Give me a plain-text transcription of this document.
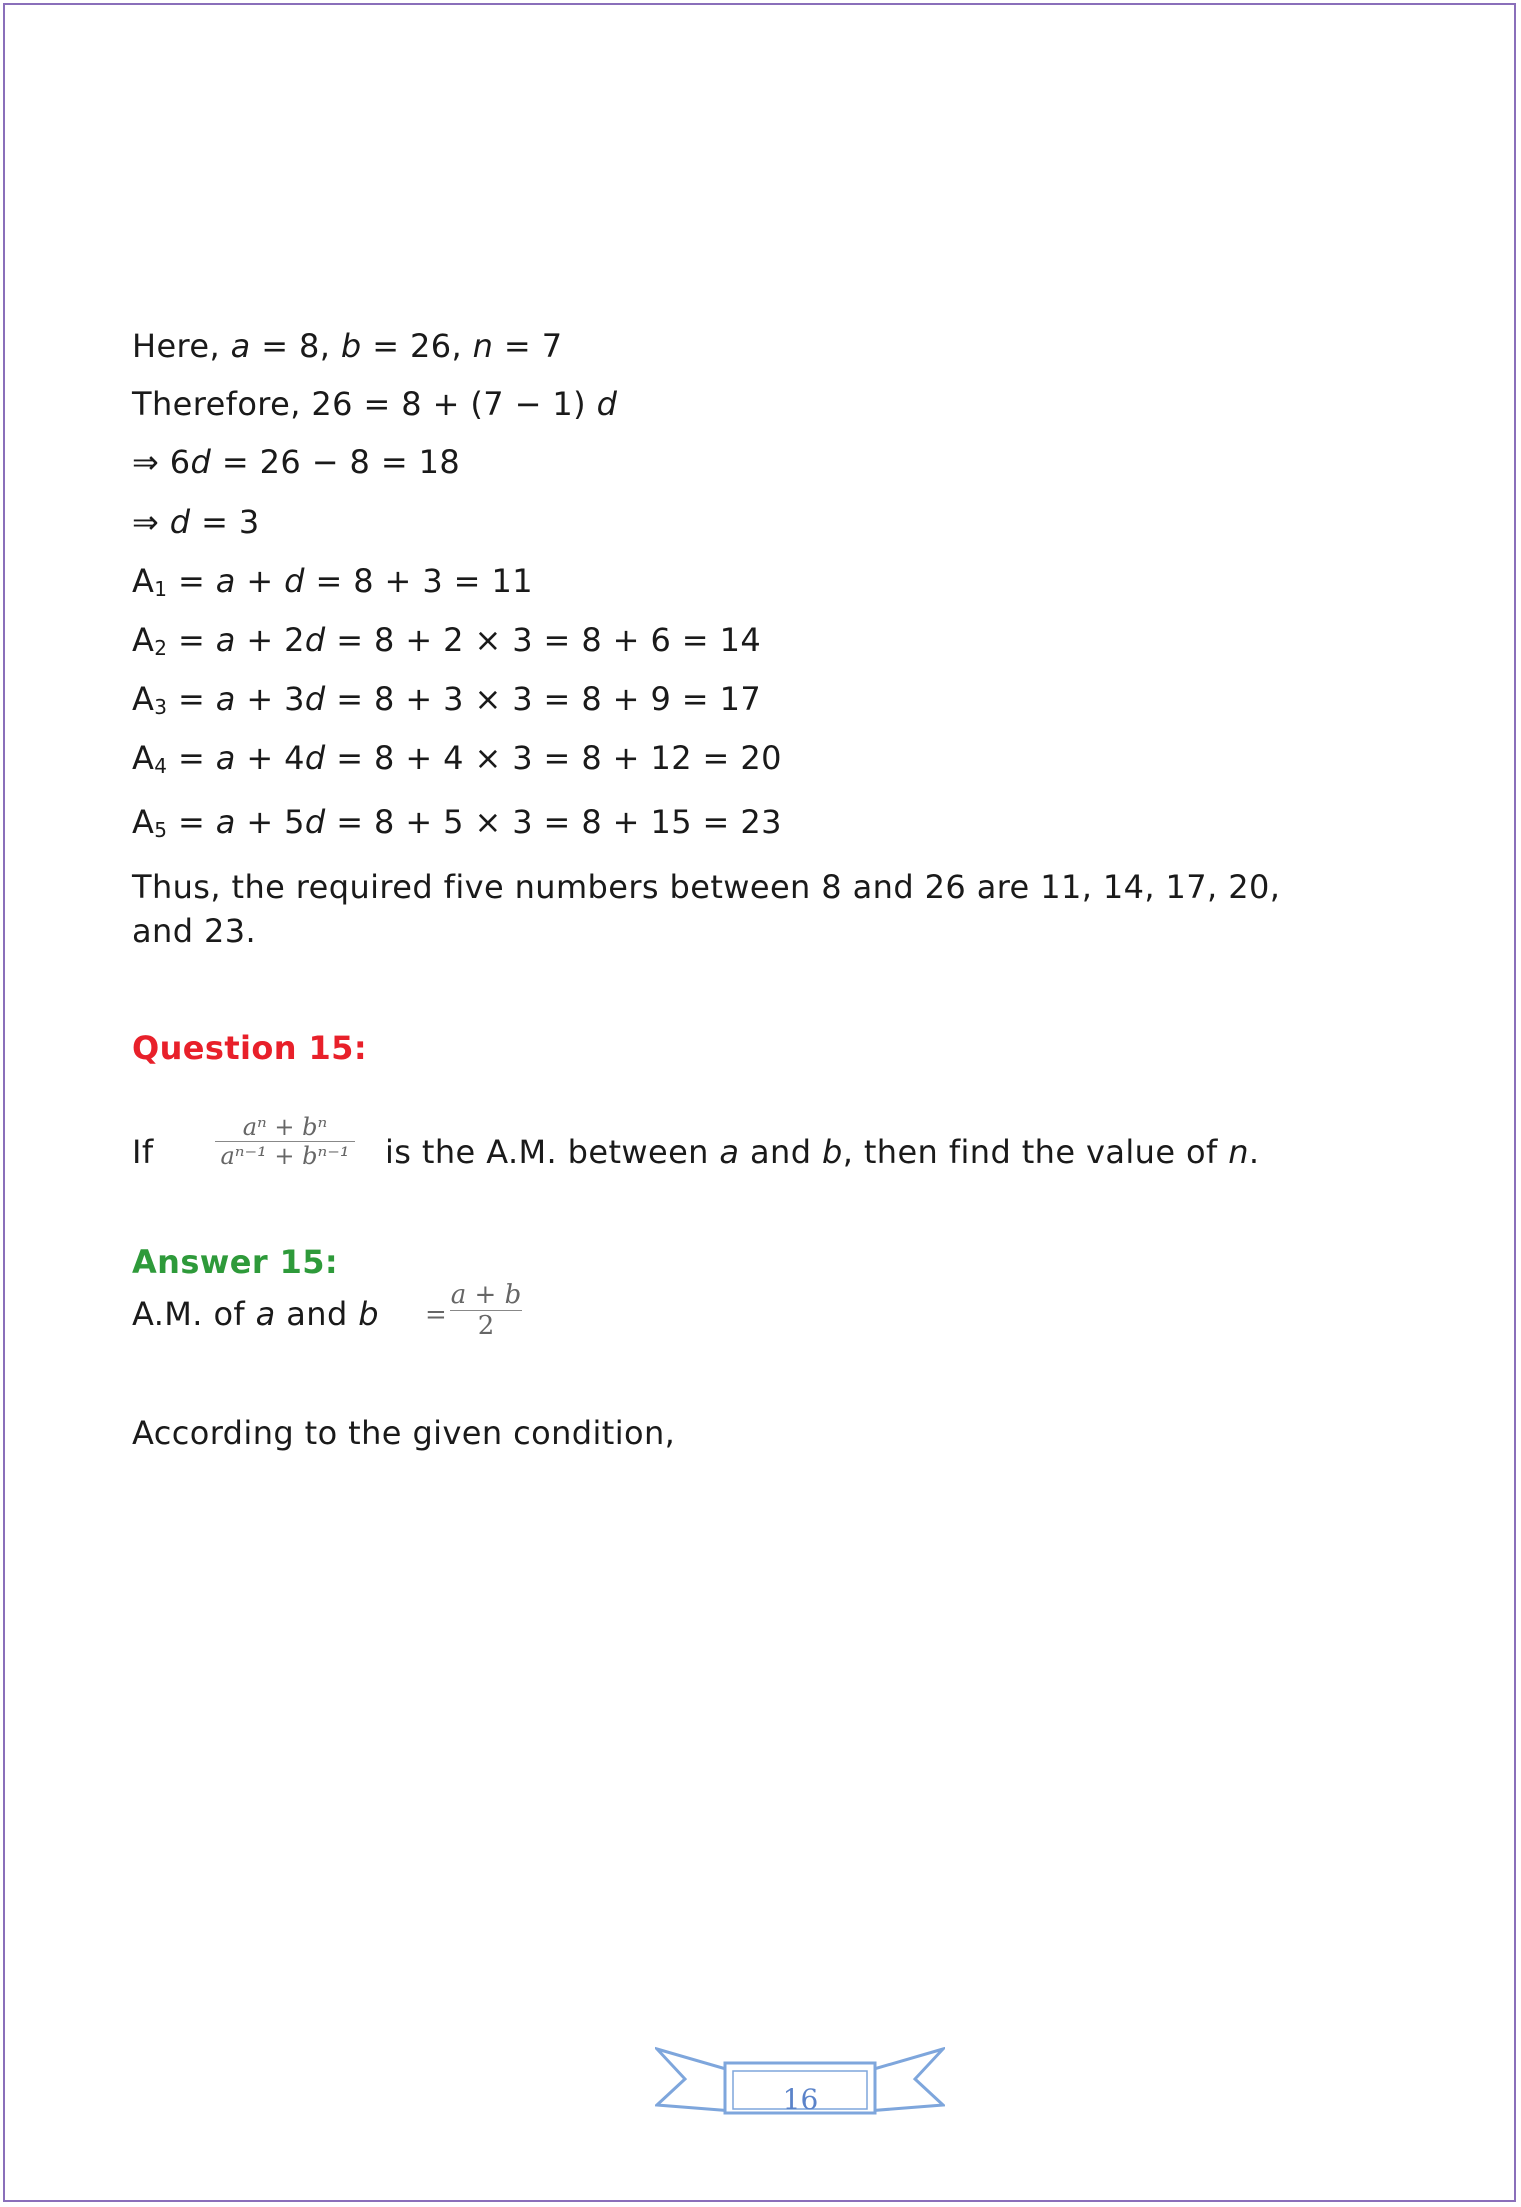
Here, a = 8, b = 26, n = 7
Therefore, 26 = 8 + (7 − 1) d
⇒ 6d = 26 − 8 = 18
⇒ d = 3
$A_1 = a + d = 8 + 3 = 11$
$A_2 = a + 2d = 8 + 2 \times 3 = 8 + 6 = 14$
$A_3 = a + 3d = 8 + 3 \times 3 = 8 + 9 = 17$
$A_4 = a + 4d = 8 + 4 \times 3 = 8 + 12 = 20$
$A_5 = a + 5d = 8 + 5 \times 3 = 8 + 15 = 23$
Thus, the required five numbers between 8 and 26 are 11, 14, 17, 20,
and 23.
Question 15:
If
aⁿ + bⁿ
aⁿ⁻¹ + bⁿ⁻¹ is the A.M. between a and b, then find the value of n.
Answer 15:
A.M. of a and b =
a + b
2
According to the given condition,
16
